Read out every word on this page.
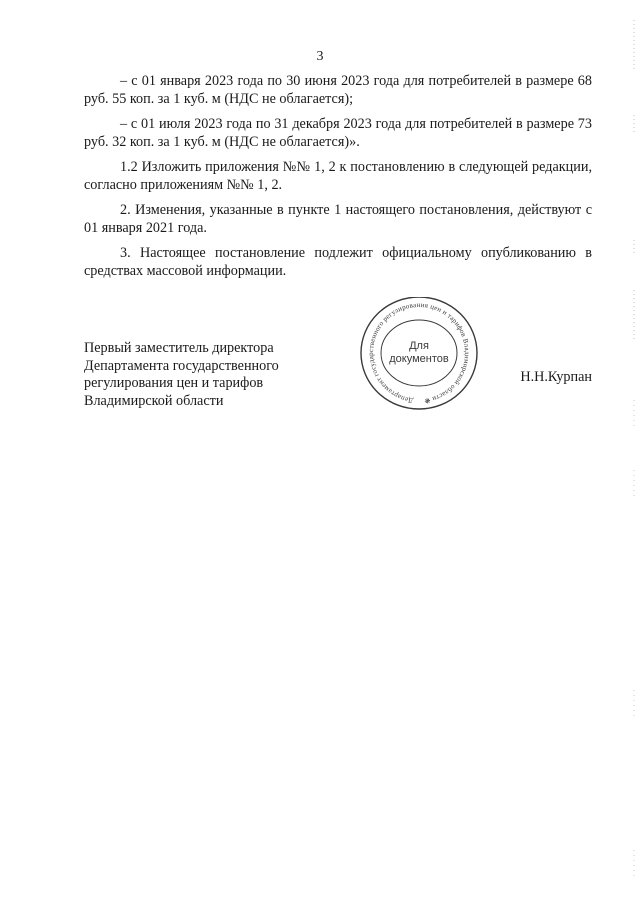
3

– с 01 января 2023 года по 30 июня 2023 года для потребителей в размере 68 руб. 55 коп. за 1 куб. м (НДС не облагается);

– с 01 июля 2023 года по 31 декабря 2023 года для потребителей в размере 73 руб. 32 коп. за 1 куб. м (НДС не облагается)».

1.2 Изложить приложения №№ 1, 2 к постановлению в следующей редакции, согласно приложениям №№ 1, 2.

2. Изменения, указанные в пункте 1 настоящего постановления, действуют с 01 января 2021 года.

3. Настоящее постановление подлежит официальному опубликованию в средствах массовой информации.

Первый заместитель директора
Департамента государственного
регулирования цен и тарифов
Владимирской области
Н.Н.Курпан
Департамент государственного регулирования цен и тарифов Владимирской области ❋
Для
документов
